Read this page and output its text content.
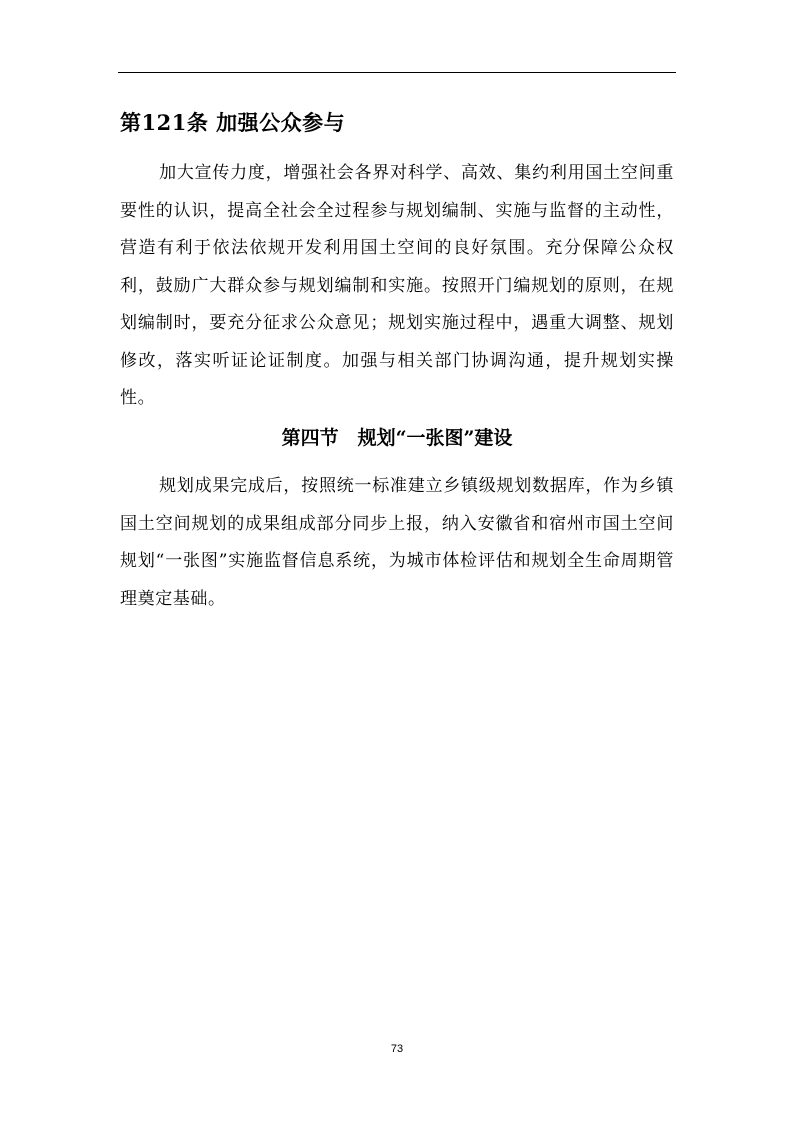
第121条 加强公众参与

加大宣传力度，增强社会各界对科学、高效、集约利用国土空间重要性的认识，提高全社会全过程参与规划编制、实施与监督的主动性，营造有利于依法依规开发利用国土空间的良好氛围。充分保障公众权利，鼓励广大群众参与规划编制和实施。按照开门编规划的原则，在规划编制时，要充分征求公众意见；规划实施过程中，遇重大调整、规划修改，落实听证论证制度。加强与相关部门协调沟通，提升规划实操性。

第四节　规划“一张图”建设

规划成果完成后，按照统一标准建立乡镇级规划数据库，作为乡镇国土空间规划的成果组成部分同步上报，纳入安徽省和宿州市国土空间规划“一张图”实施监督信息系统，为城市体检评估和规划全生命周期管理奠定基础。

73
